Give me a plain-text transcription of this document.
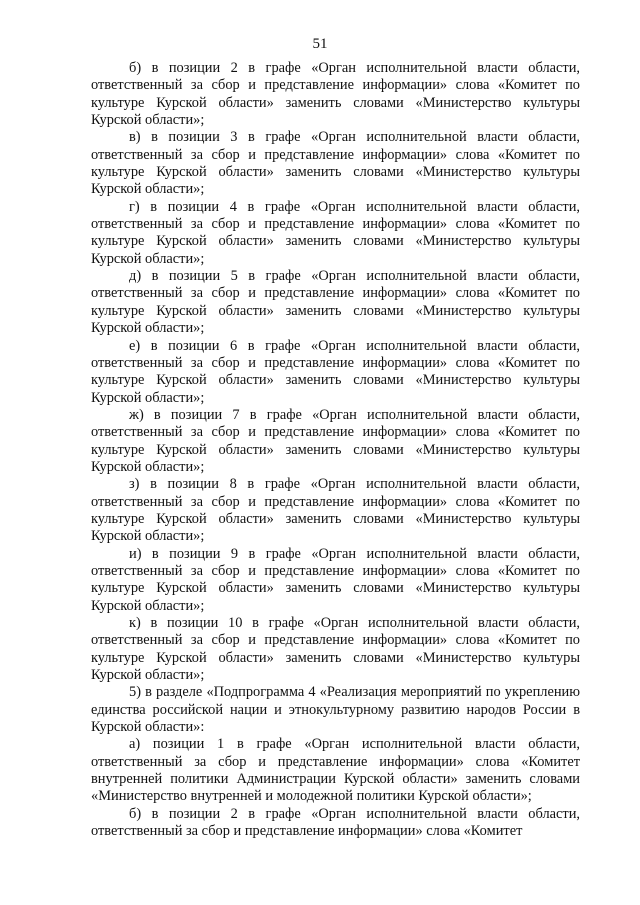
51

б) в позиции 2 в графе «Орган исполнительной власти области, ответственный за сбор и представление информации» слова «Комитет по культуре Курской области» заменить словами «Министерство культуры Курской области»;

в) в позиции 3 в графе «Орган исполнительной власти области, ответственный за сбор и представление информации» слова «Комитет по культуре Курской области» заменить словами «Министерство культуры Курской области»;

г) в позиции 4 в графе «Орган исполнительной власти области, ответственный за сбор и представление информации» слова «Комитет по культуре Курской области» заменить словами «Министерство культуры Курской области»;

д) в позиции 5 в графе «Орган исполнительной власти области, ответственный за сбор и представление информации» слова «Комитет по культуре Курской области» заменить словами «Министерство культуры Курской области»;

е) в позиции 6 в графе «Орган исполнительной власти области, ответственный за сбор и представление информации» слова «Комитет по культуре Курской области» заменить словами «Министерство культуры Курской области»;

ж) в позиции 7 в графе «Орган исполнительной власти области, ответственный за сбор и представление информации» слова «Комитет по культуре Курской области» заменить словами «Министерство культуры Курской области»;

з) в позиции 8 в графе «Орган исполнительной власти области, ответственный за сбор и представление информации» слова «Комитет по культуре Курской области» заменить словами «Министерство культуры Курской области»;

и) в позиции 9 в графе «Орган исполнительной власти области, ответственный за сбор и представление информации» слова «Комитет по культуре Курской области» заменить словами «Министерство культуры Курской области»;

к) в позиции 10 в графе «Орган исполнительной власти области, ответственный за сбор и представление информации» слова «Комитет по культуре Курской области» заменить словами «Министерство культуры Курской области»;

5) в разделе «Подпрограмма 4 «Реализация мероприятий по укреплению единства российской нации и этнокультурному развитию народов России в Курской области»:

а) позиции 1 в графе «Орган исполнительной власти области, ответственный за сбор и представление информации» слова «Комитет внутренней политики Администрации Курской области» заменить словами «Министерство внутренней и молодежной политики Курской области»;

б) в позиции 2 в графе «Орган исполнительной власти области, ответственный за сбор и представление информации» слова «Комитет
